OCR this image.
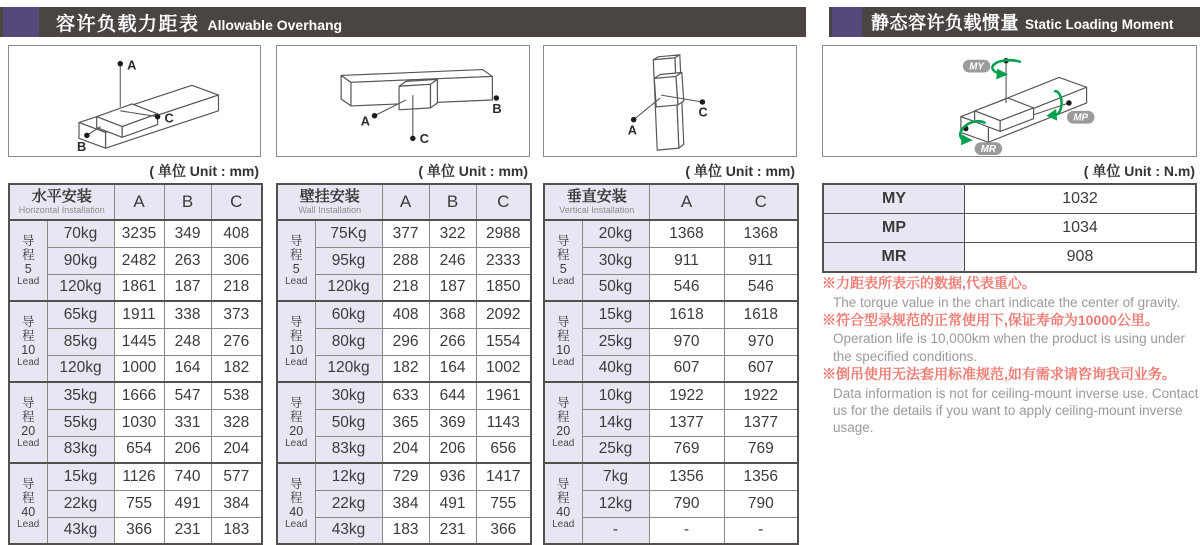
容许负载力距表 Allowable Overhang	静态容许负载惯量 Static Loading Moment
A
B
C	A
B
C
A
C
MY
MP
MR
( 单位 Unit : mm)	( 单位 Unit : mm)	( 单位 Unit : mm)	( 单位 Unit : N.m)
水平安装
Horizontal Installation		A	B	C

导程
5
Lead	70kg	3235	349	408
	90kg	2482	263	306
	120kg	1861	187	218

导程
10
Lead	65kg	1911	338	373
	85kg	1445	248	276
	120kg	1000	164	182

导程
20
Lead	35kg	1666	547	538
	55kg	1030	331	328
	83kg	654	206	204

导程
40
Lead	15kg	1126	740	577
	22kg	755	491	384
	43kg	366	231	183
壁挂安装
Wall Installation		A	B	C

导程
5
Lead	75Kg	377	322	2988
	95kg	288	246	2333
	120kg	218	187	1850

导程
10
Lead	60kg	408	368	2092
	80kg	296	266	1554
	120kg	182	164	1002

导程
20
Lead	30kg	633	644	1961
	50kg	365	369	1143
	83kg	204	206	656

导程
40
Lead	12kg	729	936	1417
	22kg	384	491	755
	43kg	183	231	366
垂直安装
Vertical Installation		A	C

导程
5
Lead	20kg	1368	1368
	30kg	911	911
	50kg	546	546

导程
10
Lead	15kg	1618	1618
	25kg	970	970
	40kg	607	607

导程
20
Lead	10kg	1922	1922
	14kg	1377	1377
	25kg	769	769

导程
40
Lead	7kg	1356	1356
	12kg	790	790
	-	-	-
MY	1032
MP	1034
MR	908
※力距表所表示的数据,代表重心。
The torque value in the chart indicate the center of gravity.
※符合型录规范的正常使用下,保证寿命为10000公里。
Operation life is 10,000km when the product is using under the specified conditions.
※倒吊使用无法套用标准规范,如有需求请咨询我司业务。
Data information is not for ceiling-mount inverse use. Contact us for the details if you want to apply ceiling-mount inverse usage.
